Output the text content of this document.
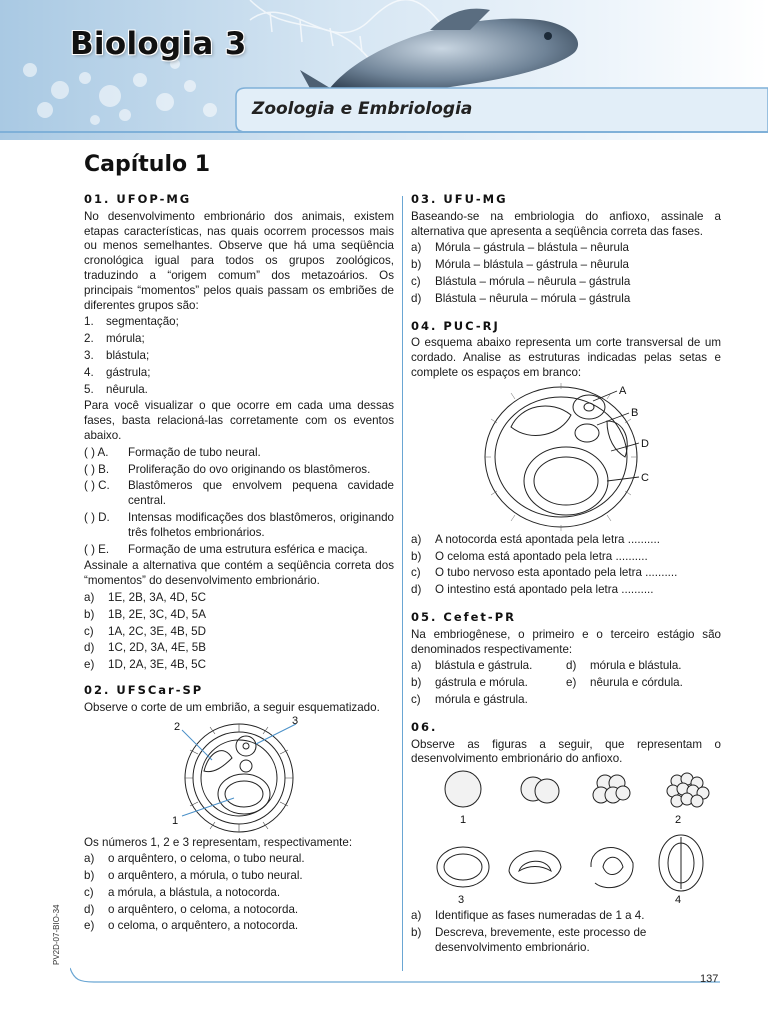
Biologia 3
Zoologia e Embriologia
Capítulo 1
01. UFOP-MG

No desenvolvimento embrionário dos animais, existem etapas características, nas quais ocorrem processos mais ou menos semelhantes. Observe que há uma seqüência cronológica igual para todos os grupos zoológicos, traduzindo a “origem comum” dos metazoários. Os principais “momentos” pelos quais passam os embriões de diferentes grupos são:

1.	segmentação;
2.	mórula;
3.	blástula;
4.	gástrula;
5.	nêurula.

Para você visualizar o que ocorre em cada uma dessas fases, basta relacioná-las corretamente com os eventos abaixo.

( ) A.	Formação de tubo neural.
( ) B.	Proliferação do ovo originando os blastômeros.
( ) C.	Blastômeros que envolvem pequena cavidade central.
( ) D.	Intensas modificações dos blastômeros, originando três folhetos embrionários.
( ) E.	Formação de uma estrutura esférica e maciça.

Assinale a alternativa que contém a seqüência correta dos “momentos” do desenvolvimento embrionário.

a)	1E, 2B, 3A, 4D, 5C
b)	1B, 2E, 3C, 4D, 5A
c)	1A, 2C, 3E, 4B, 5D
d)	1C, 2D, 3A, 4E, 5B
e)	1D, 2A, 3E, 4B, 5C
02. UFSCar-SP

Observe o corte de um embrião, a seguir esquematizado.

2	3
1

Os números 1, 2 e 3 representam, respectivamente:

a)	o arquêntero, o celoma, o tubo neural.
b)	o arquêntero, a mórula, o tubo neural.
c)	a mórula, a blástula, a notocorda.
d)	o arquêntero, o celoma, a notocorda.
e)	o celoma, o arquêntero, a notocorda.
03. UFU-MG

Baseando-se na embriologia do anfioxo, assinale a alternativa que apresenta a seqüência correta das fases.

a)	Mórula – gástrula – blástula – nêurula
b)	Mórula – blástula – gástrula – nêurula
c)	Blástula – mórula – nêurula – gástrula
d)	Blástula – nêurula – mórula – gástrula
04. PUC-RJ

O esquema abaixo representa um corte transversal de um cordado. Analise as estruturas indicadas pelas setas e complete os espaços em branco:

A
B
D
C
a)	A notocorda está apontada pela letra ..........
b)	O celoma está apontado pela letra ..........
c)	O tubo nervoso esta apontado pela letra ..........
d)	O intestino está apontado pela letra ..........
05. Cefet-PR

Na embriogênese, o primeiro e o terceiro estágio são denominados respectivamente:

a)	blástula e gástrula.
b)	gástrula e mórula.
c)	mórula e gástrula.
d)	mórula e blástula.
e)	nêurula e córdula.
06.

Observe as figuras a seguir, que representam o desenvolvimento embrionário do anfioxo.

1	2
3	4
a)	Identifique as fases numeradas de 1 a 4.
b)	Descreva, brevemente, este processo de desenvolvimento embrionário.
137
PV2D-07-BIO-34
